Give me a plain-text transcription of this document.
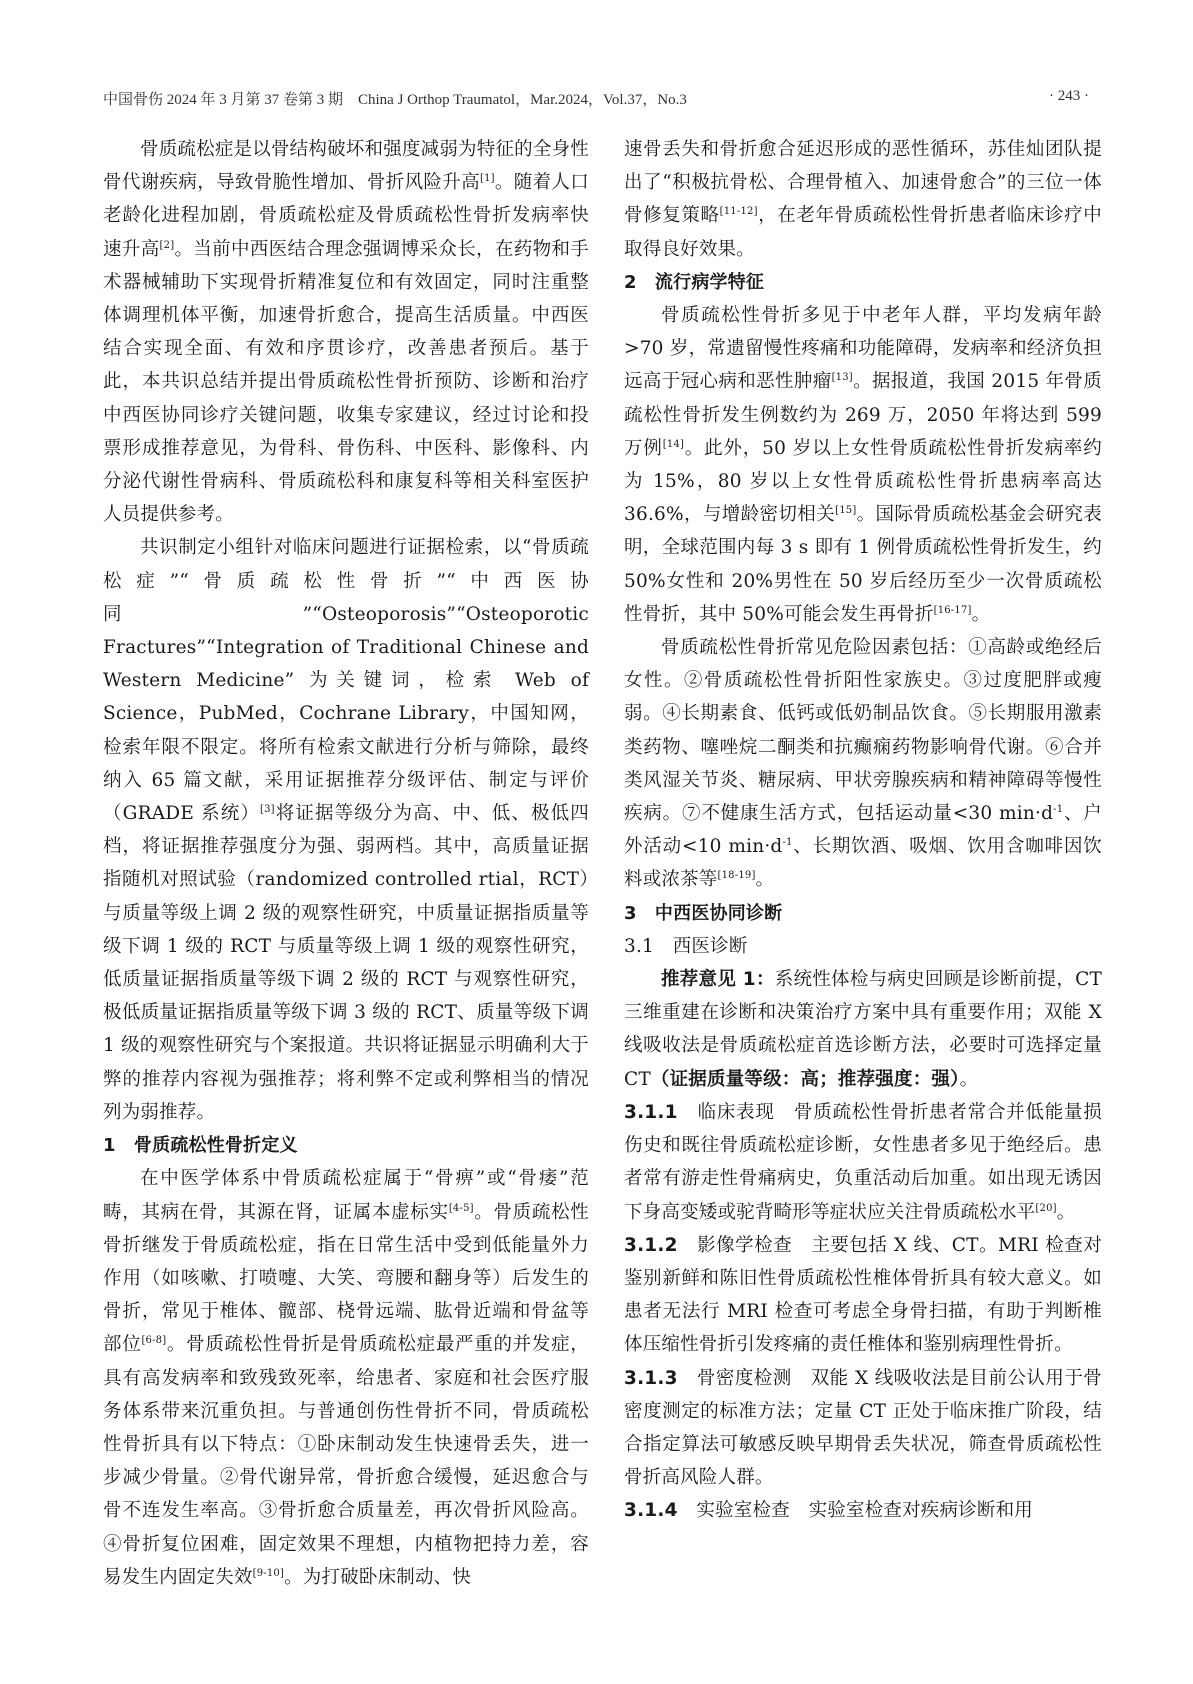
中国骨伤 2024 年 3 月第 37 卷第 3 期    China J Orthop Traumatol，Mar.2024，Vol.37，No.3	· 243 ·

骨质疏松症是以骨结构破坏和强度减弱为特征的全身性骨代谢疾病，导致骨脆性增加、骨折风险升高[1]。随着人口老龄化进程加剧，骨质疏松症及骨质疏松性骨折发病率快速升高[2]。当前中西医结合理念强调博采众长，在药物和手术器械辅助下实现骨折精准复位和有效固定，同时注重整体调理机体平衡，加速骨折愈合，提高生活质量。中西医结合实现全面、有效和序贯诊疗，改善患者预后。基于此，本共识总结并提出骨质疏松性骨折预防、诊断和治疗中西医协同诊疗关键问题，收集专家建议，经过讨论和投票形成推荐意见，为骨科、骨伤科、中医科、影像科、内分泌代谢性骨病科、骨质疏松科和康复科等相关科室医护人员提供参考。

共识制定小组针对临床问题进行证据检索，以“骨质疏松症”“骨质疏松性骨折”“中西医协同”“Osteoporosis”“Osteoporotic Fractures”“Integration of Traditional Chinese and Western Medicine” 为关键词，检索 Web of Science，PubMed，Cochrane Library，中国知网，检索年限不限定。将所有检索文献进行分析与筛除，最终纳入 65 篇文献，采用证据推荐分级评估、制定与评价（GRADE 系统）[3]将证据等级分为高、中、低、极低四档，将证据推荐强度分为强、弱两档。其中，高质量证据指随机对照试验（randomized controlled rtial，RCT）与质量等级上调 2 级的观察性研究，中质量证据指质量等级下调 1 级的 RCT 与质量等级上调 1 级的观察性研究，低质量证据指质量等级下调 2 级的 RCT 与观察性研究，极低质量证据指质量等级下调 3 级的 RCT、质量等级下调 1 级的观察性研究与个案报道。共识将证据显示明确利大于弊的推荐内容视为强推荐；将利弊不定或利弊相当的情况列为弱推荐。

1　骨质疏松性骨折定义

在中医学体系中骨质疏松症属于“骨痹”或“骨痿”范畴，其病在骨，其源在肾，证属本虚标实[4-5]。骨质疏松性骨折继发于骨质疏松症，指在日常生活中受到低能量外力作用（如咳嗽、打喷嚏、大笑、弯腰和翻身等）后发生的骨折，常见于椎体、髋部、桡骨远端、肱骨近端和骨盆等部位[6-8]。骨质疏松性骨折是骨质疏松症最严重的并发症，具有高发病率和致残致死率，给患者、家庭和社会医疗服务体系带来沉重负担。与普通创伤性骨折不同，骨质疏松性骨折具有以下特点：①卧床制动发生快速骨丢失，进一步减少骨量。②骨代谢异常，骨折愈合缓慢，延迟愈合与骨不连发生率高。③骨折愈合质量差，再次骨折风险高。④骨折复位困难，固定效果不理想，内植物把持力差，容易发生内固定失效[9-10]。为打破卧床制动、快

速骨丢失和骨折愈合延迟形成的恶性循环，苏佳灿团队提出了“积极抗骨松、合理骨植入、加速骨愈合”的三位一体骨修复策略[11-12]，在老年骨质疏松性骨折患者临床诊疗中取得良好效果。

2　流行病学特征

骨质疏松性骨折多见于中老年人群，平均发病年龄>70 岁，常遗留慢性疼痛和功能障碍，发病率和经济负担远高于冠心病和恶性肿瘤[13]。据报道，我国 2015 年骨质疏松性骨折发生例数约为 269 万，2050 年将达到 599 万例[14]。此外，50 岁以上女性骨质疏松性骨折发病率约为 15%，80 岁以上女性骨质疏松性骨折患病率高达 36.6%，与增龄密切相关[15]。国际骨质疏松基金会研究表明，全球范围内每 3 s 即有 1 例骨质疏松性骨折发生，约 50%女性和 20%男性在 50 岁后经历至少一次骨质疏松性骨折，其中 50%可能会发生再骨折[16-17]。

骨质疏松性骨折常见危险因素包括：①高龄或绝经后女性。②骨质疏松性骨折阳性家族史。③过度肥胖或瘦弱。④长期素食、低钙或低奶制品饮食。⑤长期服用激素类药物、噻唑烷二酮类和抗癫痫药物影响骨代谢。⑥合并类风湿关节炎、糖尿病、甲状旁腺疾病和精神障碍等慢性疾病。⑦不健康生活方式，包括运动量<30 $\min\cdot d^{-1}$、户外活动<10 $\min\cdot d^{-1}$、长期饮酒、吸烟、饮用含咖啡因饮料或浓茶等[18-19]。

3　中西医协同诊断

3.1　西医诊断

推荐意见 1：系统性体检与病史回顾是诊断前提，CT 三维重建在诊断和决策治疗方案中具有重要作用；双能 X 线吸收法是骨质疏松症首选诊断方法，必要时可选择定量 CT（证据质量等级：高；推荐强度：强）。

3.1.1　 临床表现　 骨质疏松性骨折患者常合并低能量损伤史和既往骨质疏松症诊断，女性患者多见于绝经后。患者常有游走性骨痛病史，负重活动后加重。如出现无诱因下身高变矮或驼背畸形等症状应关注骨质疏松水平[20]。

3.1.2　 影像学检查　 主要包括 X 线、CT。MRI 检查对鉴别新鲜和陈旧性骨质疏松性椎体骨折具有较大意义。如患者无法行 MRI 检查可考虑全身骨扫描，有助于判断椎体压缩性骨折引发疼痛的责任椎体和鉴别病理性骨折。

3.1.3　 骨密度检测　 双能 X 线吸收法是目前公认用于骨密度测定的标准方法；定量 CT 正处于临床推广阶段，结合指定算法可敏感反映早期骨丢失状况，筛查骨质疏松性骨折高风险人群。

3.1.4　 实验室检查　 实验室检查对疾病诊断和用
